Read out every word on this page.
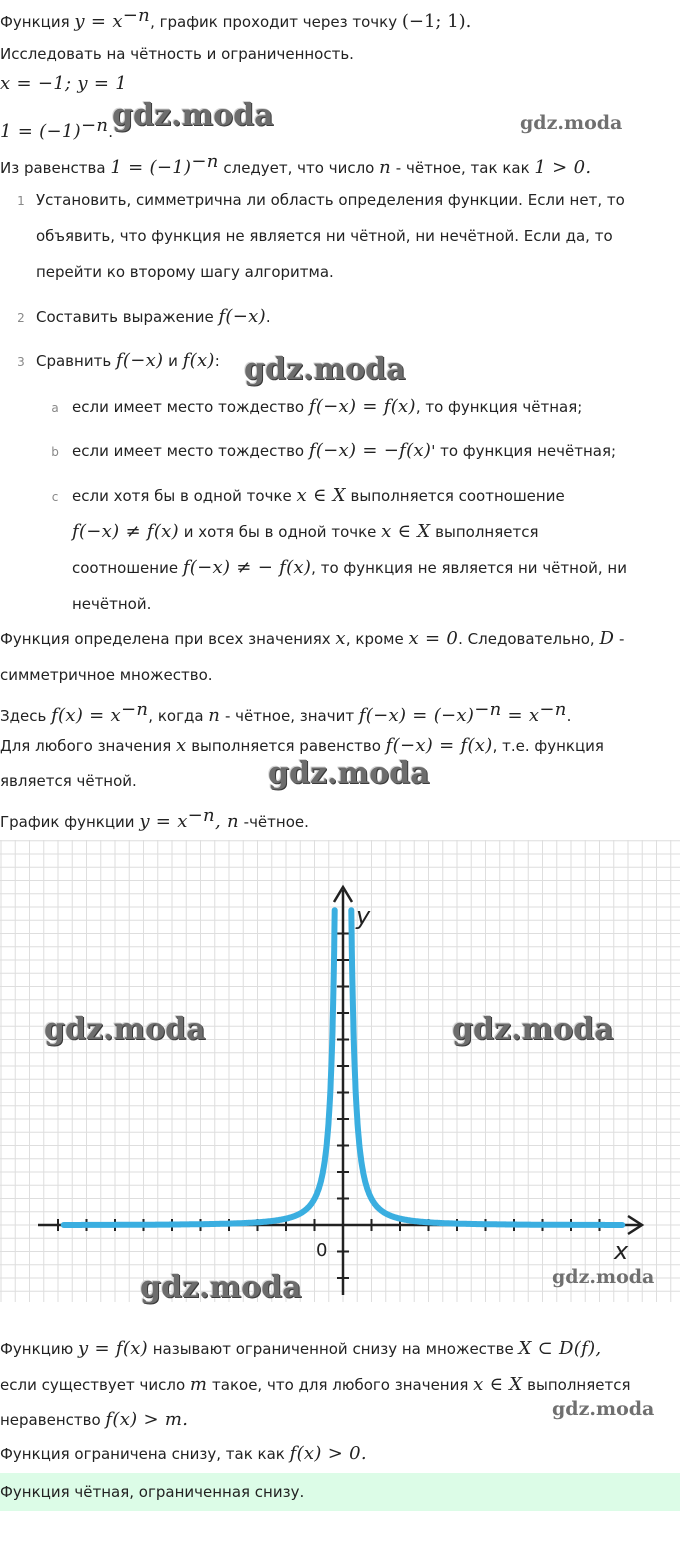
Функция $y = x^{-n}$, график проходит через точку (−1; 1).
Исследовать на чётность и ограниченность.
x = −1; y = 1
$1 = (-1)^{-n}$.
Из равенства $1 = (-1)^{-n}$ следует, что число n - чётное, так как 1 > 0.
1 Установить, симметрична ли область определения функции. Если нет, то
объявить, что функция не является ни чётной, ни нечётной. Если да, то
перейти ко второму шагу алгоритма.
2 Составить выражение f(−x).
3 Сравнить f(−x) и f(x):
a если имеет место тождество f(−x) = f(x), то функция чётная;
b если имеет место тождество f(−x) = −f(x)' то функция нечётная;
c если хотя бы в одной точке x ∈ X выполняется соотношение
f(−x) ≠ f(x) и хотя бы в одной точке x ∈ X выполняется
соотношение f(−x) ≠ − f(x), то функция не является ни чётной, ни
нечётной.
Функция определена при всех значениях x, кроме x = 0. Следовательно, D -
симметричное множество.
Здесь $f(x) = x^{-n}$, когда n - чётное, значит $f(-x) = (-x)^{-n} = x^{-n}$.
Для любого значения x выполняется равенство f(−x) = f(x), т.е. функция
является чётной.
График функции $y = x^{-n}$, n -чётное.
y
x
0
Функцию y = f(x) называют ограниченной снизу на множестве X ⊂ D(f),
если существует число m такое, что для любого значения x ∈ X выполняется
неравенство f(x) > m.
Функция ограничена снизу, так как f(x) > 0.
Функция чётная, ограниченная снизу.
gdz.moda	gdz.moda
gdz.moda
gdz.moda
gdz.moda	gdz.moda
gdz.moda	gdz.moda
gdz.moda
